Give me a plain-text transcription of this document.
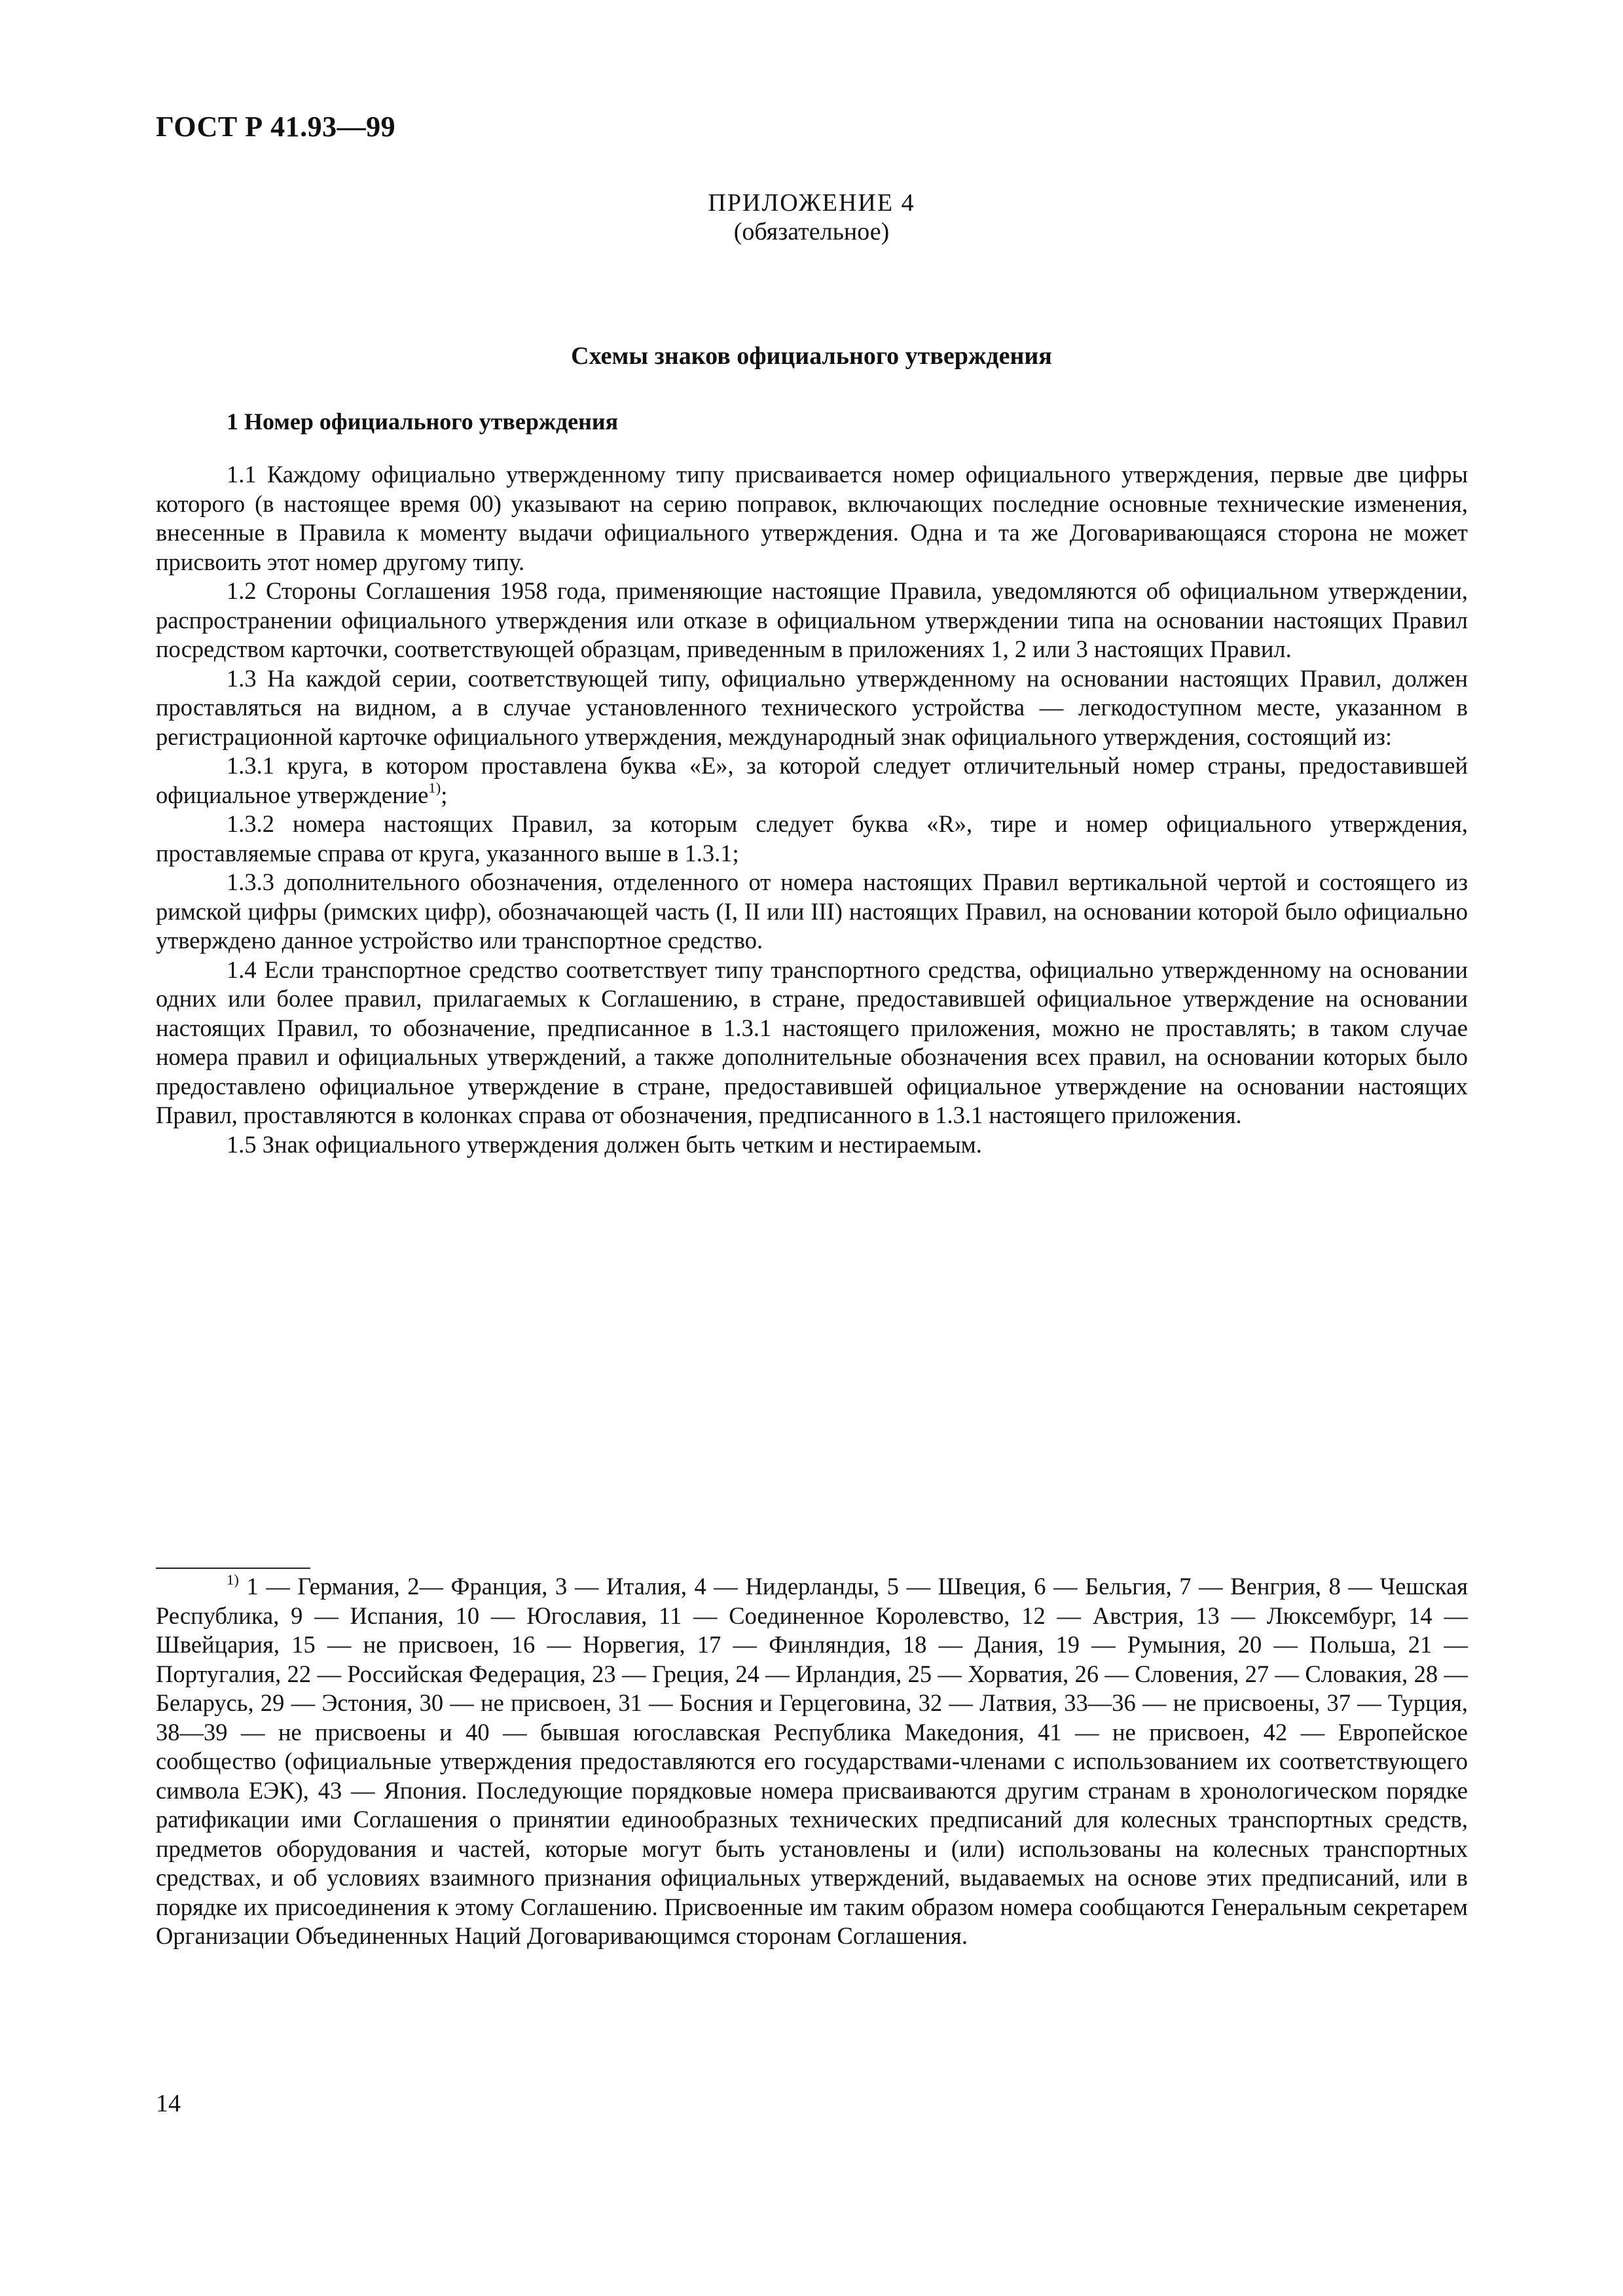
ГОСТ Р 41.93—99
ПРИЛОЖЕНИЕ 4
(обязательное)
Схемы знаков официального утверждения
1 Номер официального утверждения

1.1 Каждому официально утвержденному типу присваивается номер официального утверждения, первые две цифры которого (в настоящее время 00) указывают на серию поправок, включающих последние основные технические изменения, внесенные в Правила к моменту выдачи официального утверждения. Одна и та же Договаривающаяся сторона не может присвоить этот номер другому типу.

1.2 Стороны Соглашения 1958 года, применяющие настоящие Правила, уведомляются об официальном утверждении, распространении официального утверждения или отказе в официальном утверждении типа на основании настоящих Правил посредством карточки, соответствующей образцам, приведенным в приложениях 1, 2 или 3 настоящих Правил.

1.3 На каждой серии, соответствующей типу, официально утвержденному на основании настоящих Правил, должен проставляться на видном, а в случае установленного технического устройства — легкодоступном месте, указанном в регистрационной карточке официального утверждения, международный знак официального утверждения, состоящий из:

1.3.1 круга, в котором проставлена буква «Е», за которой следует отличительный номер страны, предоставившей официальное утверждение$^{1)}$;

1.3.2 номера настоящих Правил, за которым следует буква «R», тире и номер официального утверждения, проставляемые справа от круга, указанного выше в 1.3.1;

1.3.3 дополнительного обозначения, отделенного от номера настоящих Правил вертикальной чертой и состоящего из римской цифры (римских цифр), обозначающей часть (I, II или III) настоящих Правил, на основании которой было официально утверждено данное устройство или транспортное средство.

1.4 Если транспортное средство соответствует типу транспортного средства, официально утвержденному на основании одних или более правил, прилагаемых к Соглашению, в стране, предоставившей официальное утверждение на основании настоящих Правил, то обозначение, предписанное в 1.3.1 настоящего приложения, можно не проставлять; в таком случае номера правил и официальных утверждений, а также дополнительные обозначения всех правил, на основании которых было предоставлено официальное утверждение в стране, предоставившей официальное утверждение на основании настоящих Правил, проставляются в колонках справа от обозначения, предписанного в 1.3.1 настоящего приложения.

1.5 Знак официального утверждения должен быть четким и нестираемым.

$^{1)}$ 1 — Германия, 2— Франция, 3 — Италия, 4 — Нидерланды, 5 — Швеция, 6 — Бельгия, 7 — Венгрия, 8 — Чешская Республика, 9 — Испания, 10 — Югославия, 11 — Соединенное Королевство, 12 — Австрия, 13 — Люксембург, 14 — Швейцария, 15 — не присвоен, 16 — Норвегия, 17 — Финляндия, 18 — Дания, 19 — Румыния, 20 — Польша, 21 — Португалия, 22 — Российская Федерация, 23 — Греция, 24 — Ирландия, 25 — Хорватия, 26 — Словения, 27 — Словакия, 28 — Беларусь, 29 — Эстония, 30 — не присвоен, 31 — Босния и Герцеговина, 32 — Латвия, 33—36 — не присвоены, 37 — Турция, 38—39 — не присвоены и 40 — бывшая югославская Республика Македония, 41 — не присвоен, 42 — Европейское сообщество (официальные утверждения предоставляются его государствами-членами с использованием их соответствующего символа ЕЭК), 43 — Япония. Последующие порядковые номера присваиваются другим странам в хронологическом порядке ратификации ими Соглашения о принятии единообразных технических предписаний для колесных транспортных средств, предметов оборудования и частей, которые могут быть установлены и (или) использованы на колесных транспортных средствах, и об условиях взаимного признания официальных утверждений, выдаваемых на основе этих предписаний, или в порядке их присоединения к этому Соглашению. Присвоенные им таким образом номера сообщаются Генеральным секретарем Организации Объединенных Наций Договаривающимся сторонам Соглашения.

14
